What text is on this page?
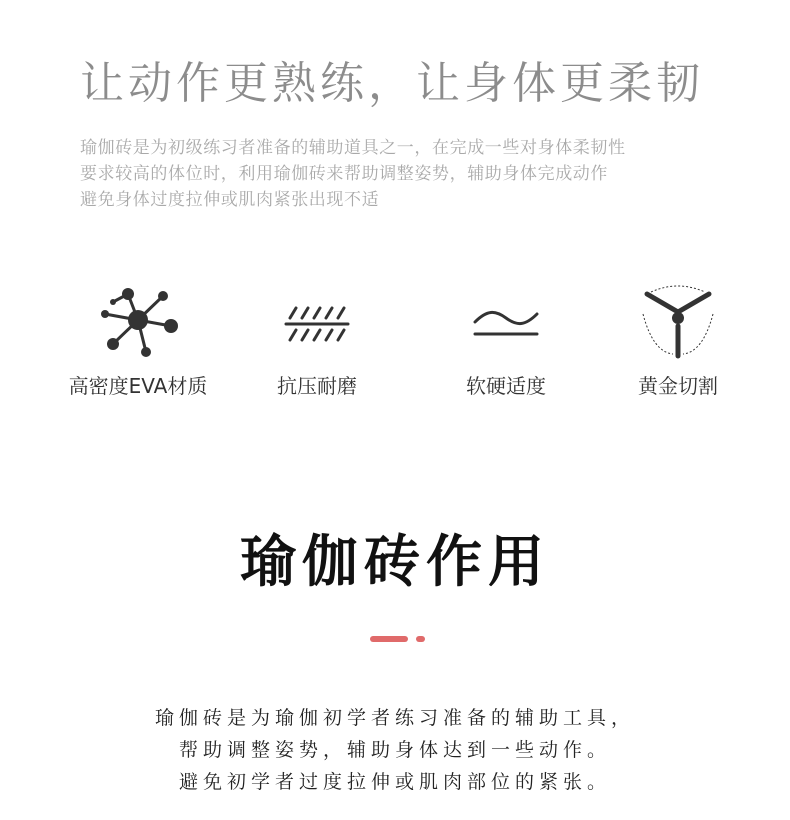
让动作更熟练，让身体更柔韧
瑜伽砖是为初级练习者准备的辅助道具之一，在完成一些对身体柔韧性
要求较高的体位时，利用瑜伽砖来帮助调整姿势，辅助身体完成动作
避免身体过度拉伸或肌肉紧张出现不适
高密度EVA材质	抗压耐磨	软硬适度	黄金切割
瑜伽砖作用
瑜伽砖是为瑜伽初学者练习准备的辅助工具，
帮助调整姿势，辅助身体达到一些动作。
避免初学者过度拉伸或肌肉部位的紧张。
